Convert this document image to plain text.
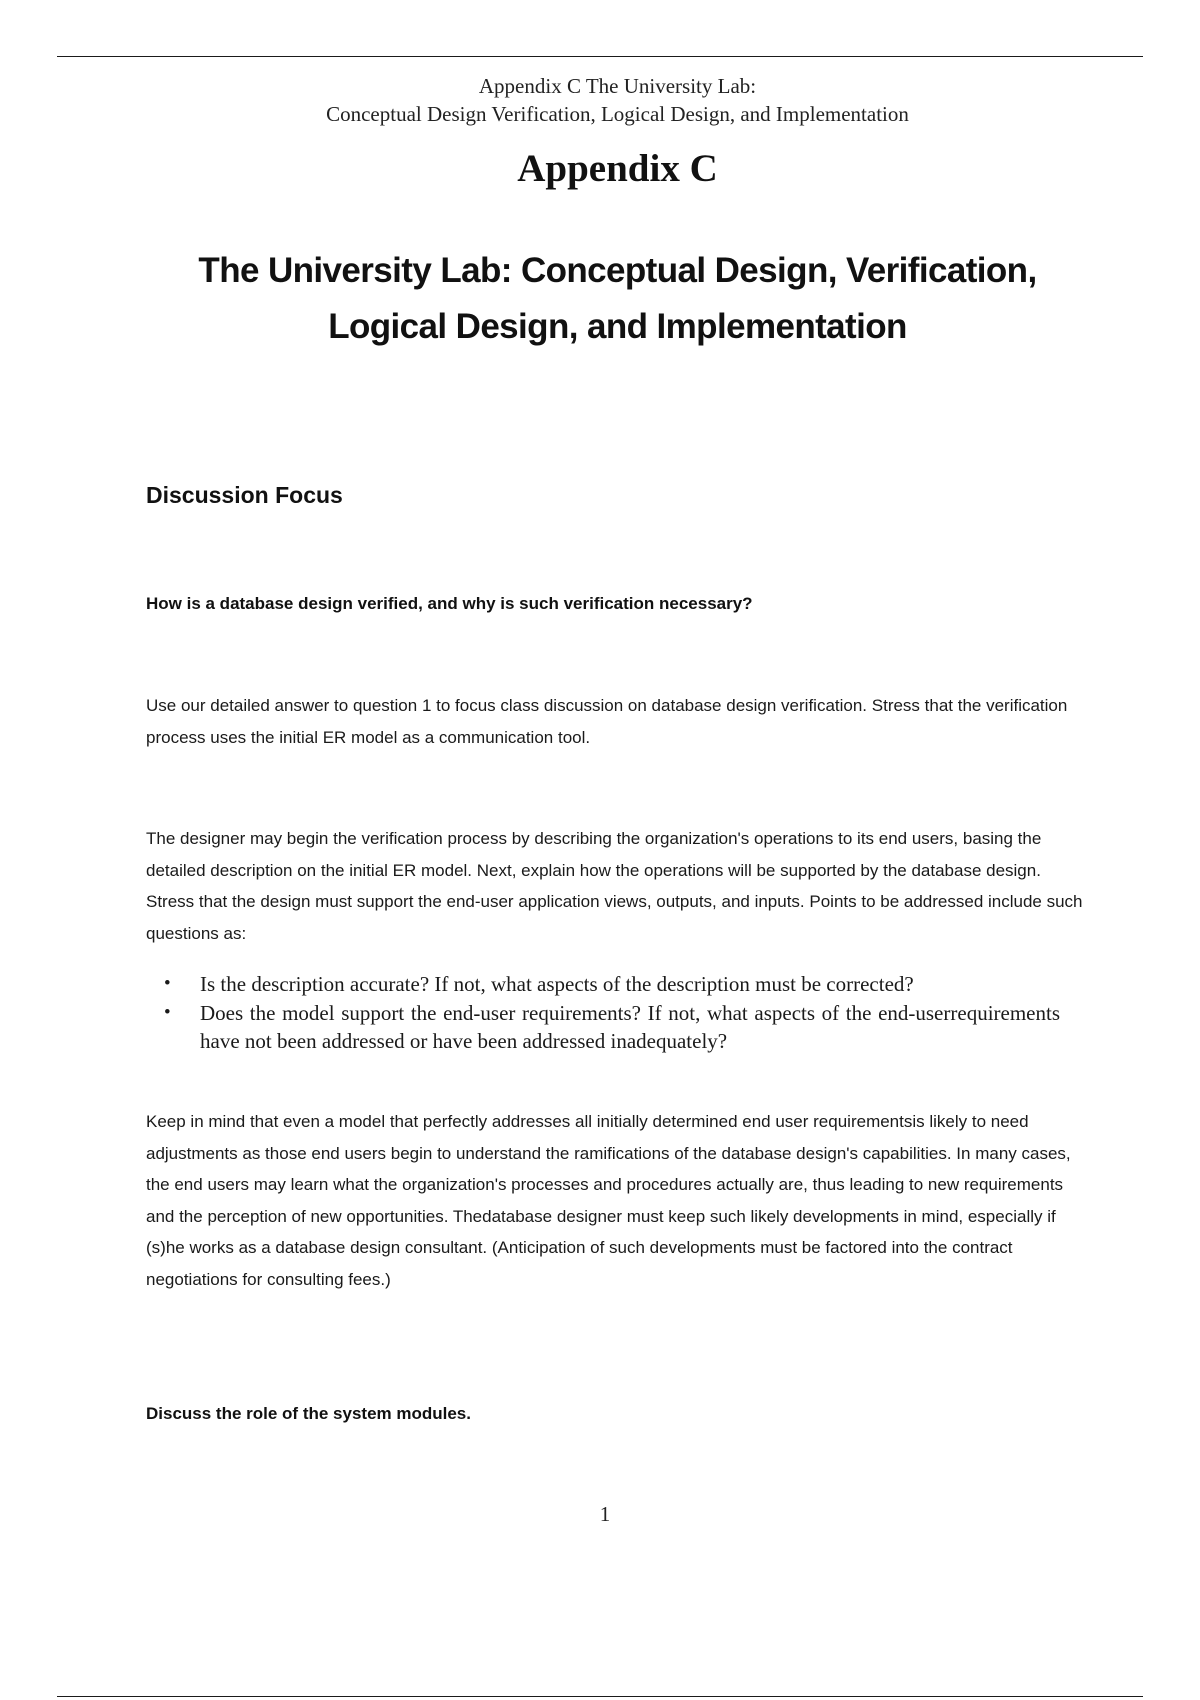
Appendix C The University Lab:
Conceptual Design Verification, Logical Design, and Implementation
Appendix C
The University Lab: Conceptual Design, Verification,
Logical Design, and Implementation
Discussion Focus

How is a database design verified, and why is such verification necessary?

Use our detailed answer to question 1 to focus class discussion on database design verification. Stress that the verification process uses the initial ER model as a communication tool.

The designer may begin the verification process by describing the organization's operations to its end users, basing the detailed description on the initial ER model. Next, explain how the operations will be supported by the database design. Stress that the design must support the end-user application views, outputs, and inputs. Points to be addressed include such questions as:

• Is the description accurate? If not, what aspects of the description must be corrected?
• Does the model support the end-user requirements? If not, what aspects of the end-userrequirements have not been addressed or have been addressed inadequately?

Keep in mind that even a model that perfectly addresses all initially determined end user requirementsis likely to need adjustments as those end users begin to understand the ramifications of the database design's capabilities. In many cases, the end users may learn what the organization's processes and procedures actually are, thus leading to new requirements and the perception of new opportunities. Thedatabase designer must keep such likely developments in mind, especially if (s)he works as a database design consultant. (Anticipation of such developments must be factored into the contract negotiations for consulting fees.)

Discuss the role of the system modules.

1
